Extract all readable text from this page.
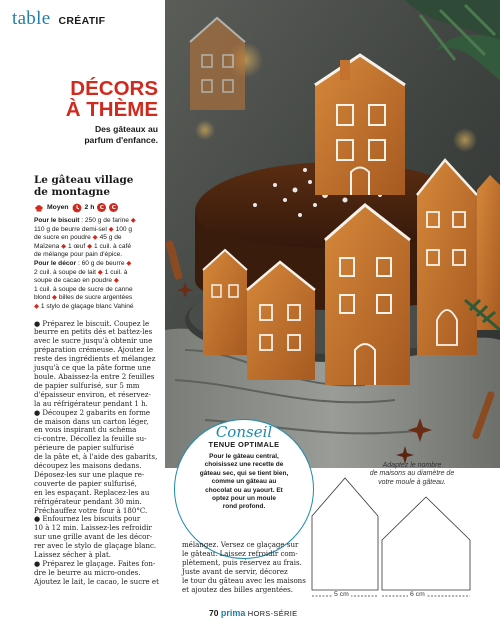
table CRÉATIF
DÉCORS
À THÈME
Des gâteaux au
parfum d'enfance.
Le gâteau village
de montagne
Moyen 2 h C	C
Pour le biscuit : 250 g de farine ◆
110 g de beurre demi-sel ◆ 100 g
de sucre en poudre ◆ 45 g de
Maïzena ◆ 1 œuf ◆ 1 cuil. à café
de mélange pour pain d'épice.
Pour le décor : 60 g de beurre ◆
2 cuil. à soupe de lait ◆ 1 cuil. à
soupe de cacao en poudre ◆
1 cuil. à soupe de sucre de canne
blond ◆ billes de sucre argentées
◆ 1 stylo de glaçage blanc Vahiné
● Préparez le biscuit. Coupez le
beurre en petits dés et battez-les
avec le sucre jusqu'à obtenir une
préparation crémeuse. Ajoutez le
reste des ingrédients et mélangez
jusqu'à ce que la pâte forme une
boule. Abaissez-la entre 2 feuilles
de papier sulfurisé, sur 5 mm
d'épaisseur environ, et réservez-
la au réfrigérateur pendant 1 h.
● Découpez 2 gabarits en forme
de maison dans un carton léger,
en vous inspirant du schéma
ci-contre. Décollez la feuille su-
périeure de papier sulfurisé
de la pâte et, à l'aide des gabarits,
découpez les maisons dedans.
Déposez-les sur une plaque re-
couverte de papier sulfurisé,
en les espaçant. Replacez-les au
réfrigérateur pendant 30 min.
Préchauffez votre four à 180°C.
● Enfournez les biscuits pour
10 à 12 min. Laissez-les refroidir
sur une grille avant de les décor-
rer avec le stylo de glaçage blanc.
Laissez sécher à plat.
● Préparez le glaçage. Faites fon-
dre le beurre au micro-ondes.
Ajoutez le lait, le cacao, le sucre et
Conseil
TENUE OPTIMALE
Pour le gâteau central,
choisissez une recette de
gâteau sec, qui se tient bien,
comme un gâteau au
chocolat ou au yaourt. Et
optez pour un moule
rond profond.
mélangez. Versez ce glaçage sur
le gâteau. Laissez refroidir com-
plètement, puis réservez au frais.
Juste avant de servir, décorez
le tour du gâteau avec les maisons
et ajoutez des billes argentées.
Adaptez le nombre
de maisons au diamètre de
votre moule à gâteau.
5 cm	6 cm
70 prima HORS-SÉRIE
